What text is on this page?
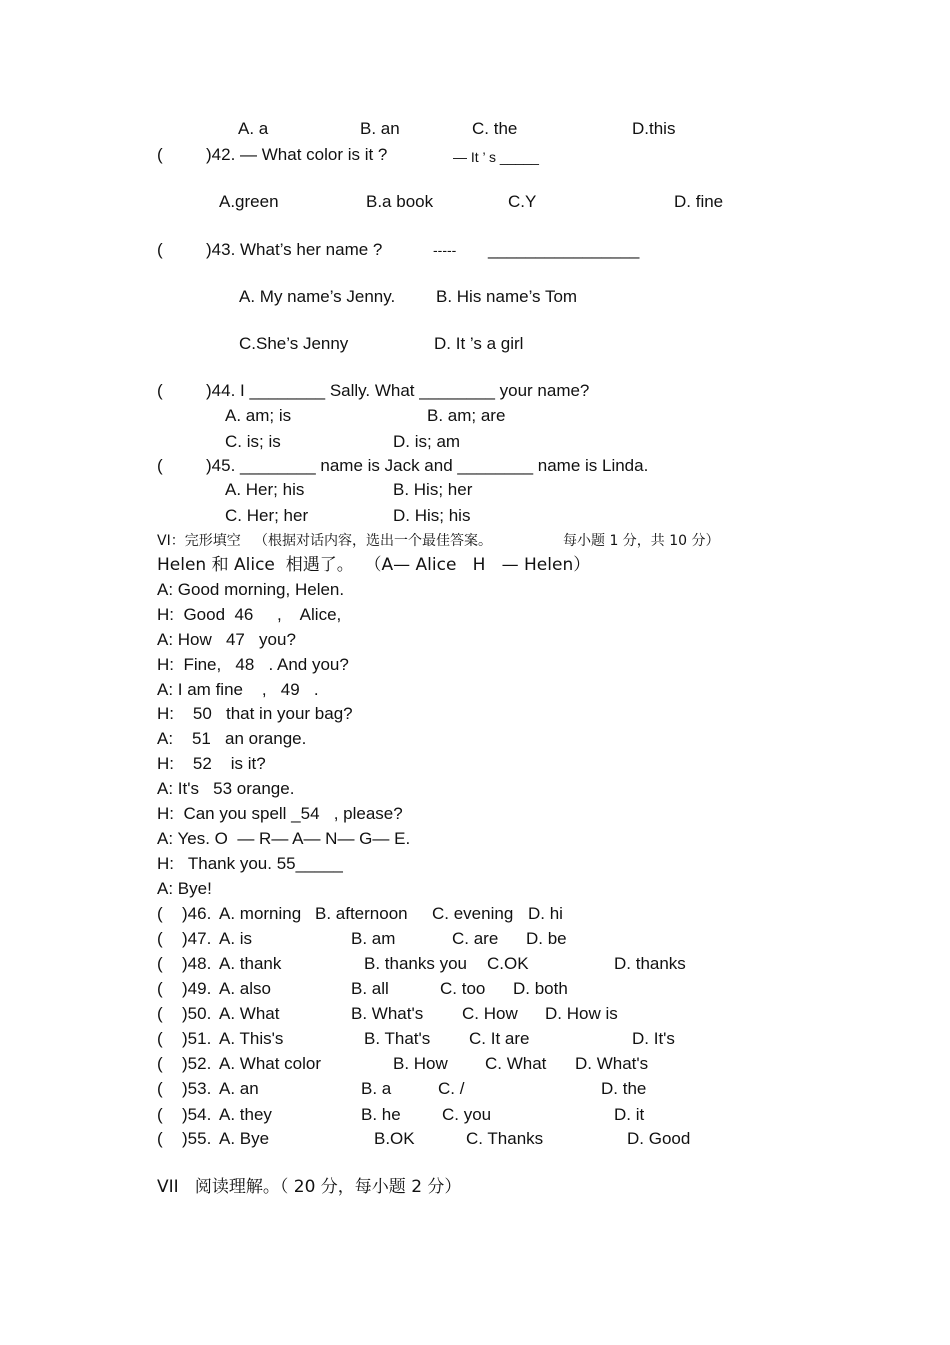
A. a	B. an	C. the	D.this
(	)42. — What color is it ?	— It ’ s _____
A.green	B.a book	C.Y	D. fine
(	)43. What’s her name ?	----- ________________
A. My name’s Jenny. B. His name’s Tom
C.She’s Jenny	D. It ’s a girl
(	)44. I ________ Sally. What ________ your name?
A. am; is	B. am; are
C. is; is	D. is; am
(	)45. ________ name is Jack and ________ name is Linda.
A. Her; his	B. His; her
C. Her; her	D. His; his
VI：完形填空   （根据对话内容，选出一个最佳答案。	每小题 1 分，共 10 分）
Helen 和 Alice  相遇了。  （A— Alice   H   — Helen）
A: Good morning, Helen.
H:  Good  46     ,    Alice,
A: How   47   you?
H:  Fine,   48   . And you?
A: I am fine    ,   49   .
H:    50   that in your bag?
A:    51   an orange.
H:    52    is it?
A: It's   53 orange.
H:  Can you spell _54   , please?
A: Yes. O  — R— A— N— G— E.
H:   Thank you. 55_____
A: Bye!
( )46. A. morning B. afternoon C. evening D. hi
( )47. A. is	B. am	C. are D. be
( )48. A. thank	B. thanks you C.OK	D. thanks
( )49. A. also	B. all	C. too D. both
( )50. A. What	B. What's C. How D. How is
( )51. A. This's	B. That's C. It are	D. It's
( )52. A. What color	B. How C. What D. What's
( )53. A. an	B. a	C. /	D. the
( )54. A. they	B. he C. you	D. it
( )55. A. Bye	B.OK	C. Thanks	D. Good
VII   阅读理解。（ 20 分，每小题 2 分）
